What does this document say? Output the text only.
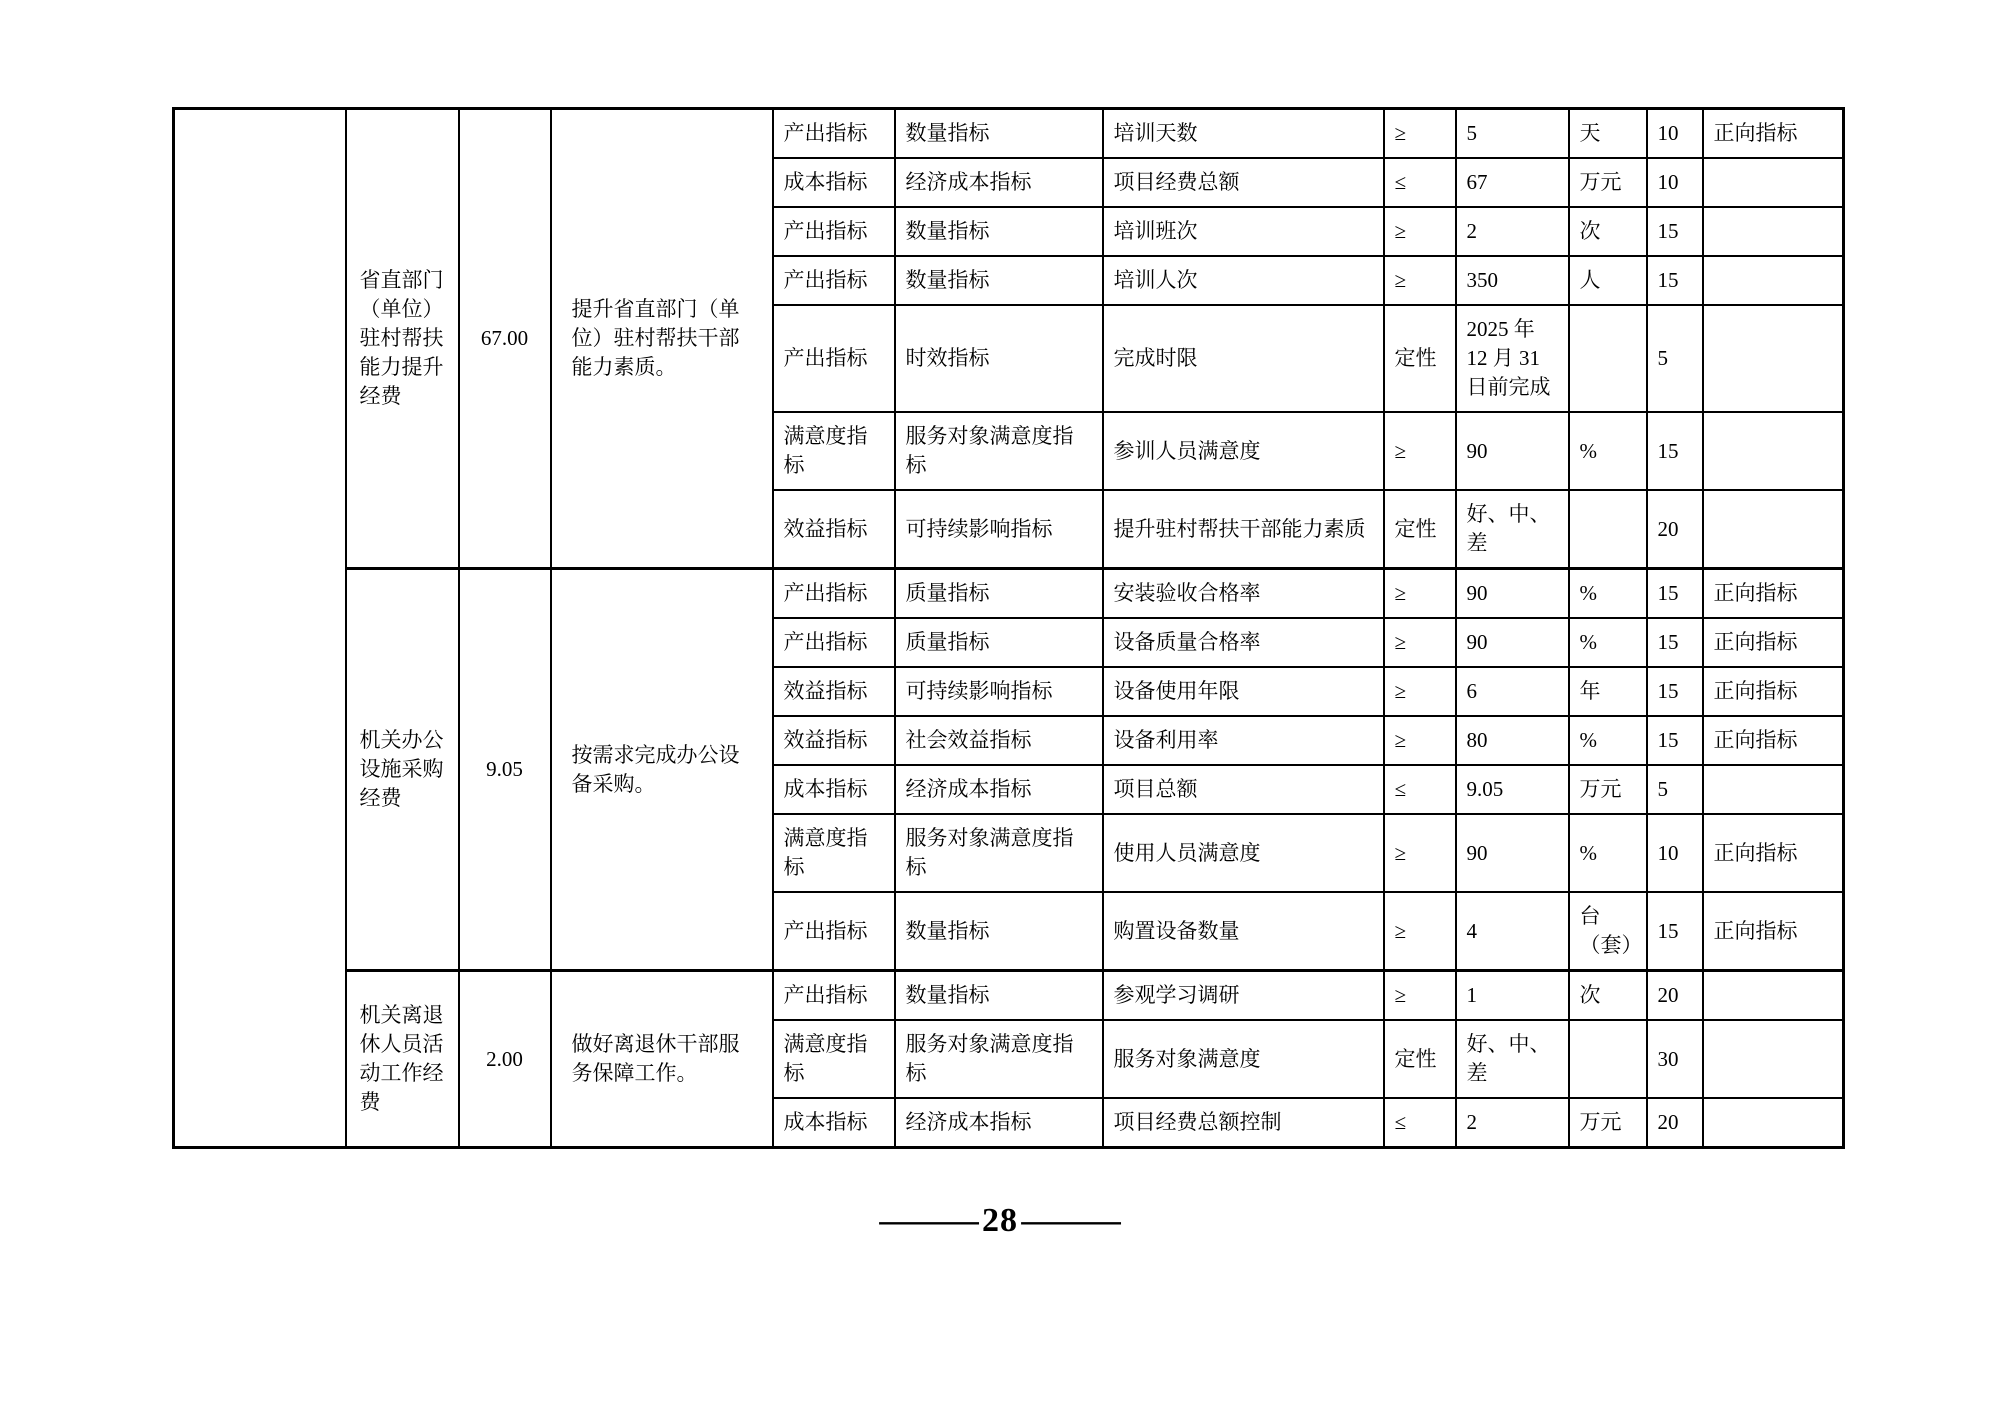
	省直部门（单位）驻村帮扶能力提升经费	67.00	提升省直部门（单位）驻村帮扶干部能力素质。	产出指标	数量指标	培训天数	≥	5	天	10	正向指标
				成本指标	经济成本指标	项目经费总额	≤	67	万元	10	
				产出指标	数量指标	培训班次	≥	2	次	15	
				产出指标	数量指标	培训人次	≥	350	人	15	
				产出指标	时效指标	完成时限	定性	2025 年 12 月 31 日前完成		5	
				满意度指标	服务对象满意度指标	参训人员满意度	≥	90	%	15	
				效益指标	可持续影响指标	提升驻村帮扶干部能力素质	定性	好、中、差		20	
	机关办公设施采购经费	9.05	按需求完成办公设备采购。	产出指标	质量指标	安装验收合格率	≥	90	%	15	正向指标
				产出指标	质量指标	设备质量合格率	≥	90	%	15	正向指标
				效益指标	可持续影响指标	设备使用年限	≥	6	年	15	正向指标
				效益指标	社会效益指标	设备利用率	≥	80	%	15	正向指标
				成本指标	经济成本指标	项目总额	≤	9.05	万元	5	
				满意度指标	服务对象满意度指标	使用人员满意度	≥	90	%	10	正向指标
				产出指标	数量指标	购置设备数量	≥	4	台（套）	15	正向指标
	机关离退休人员活动工作经费	2.00	做好离退休干部服务保障工作。	产出指标	数量指标	参观学习调研	≥	1	次	20	
				满意度指标	服务对象满意度指标	服务对象满意度	定性	好、中、差		30	
				成本指标	经济成本指标	项目经费总额控制	≤	2	万元	20	
— 28 —
